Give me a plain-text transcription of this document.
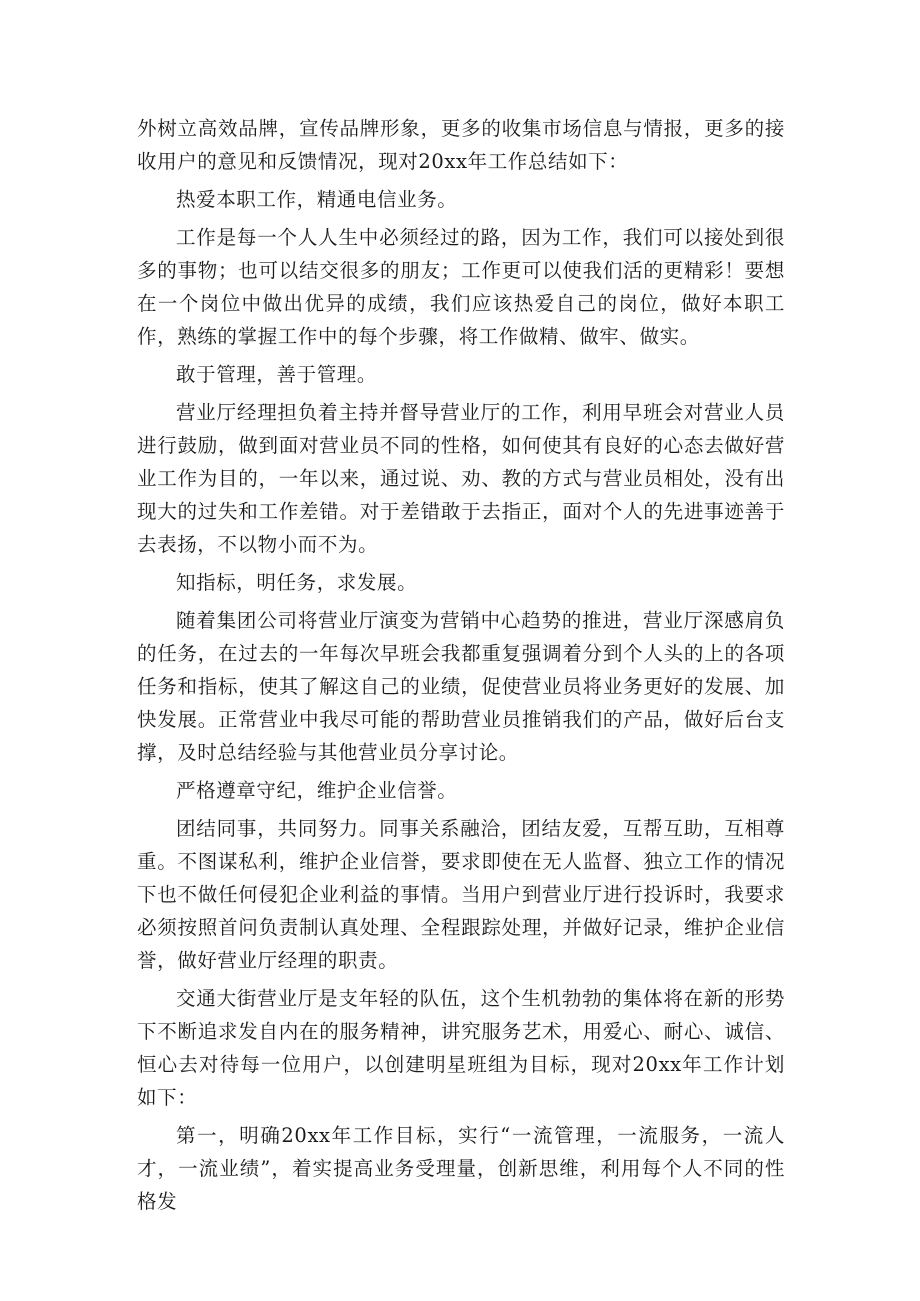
外树立高效品牌，宣传品牌形象，更多的收集市场信息与情报，更多的接收用户的意见和反馈情况，现对20xx年工作总结如下：

热爱本职工作，精通电信业务。

工作是每一个人人生中必须经过的路，因为工作，我们可以接处到很多的事物；也可以结交很多的朋友；工作更可以使我们活的更精彩！要想在一个岗位中做出优异的成绩，我们应该热爱自己的岗位，做好本职工作，熟练的掌握工作中的每个步骤，将工作做精、做牢、做实。

敢于管理，善于管理。

营业厅经理担负着主持并督导营业厅的工作，利用早班会对营业人员进行鼓励，做到面对营业员不同的性格，如何使其有良好的心态去做好营业工作为目的，一年以来，通过说、劝、教的方式与营业员相处，没有出现大的过失和工作差错。对于差错敢于去指正，面对个人的先进事迹善于去表扬，不以物小而不为。

知指标，明任务，求发展。

随着集团公司将营业厅演变为营销中心趋势的推进，营业厅深感肩负的任务，在过去的一年每次早班会我都重复强调着分到个人头的上的各项任务和指标，使其了解这自己的业绩，促使营业员将业务更好的发展、加快发展。正常营业中我尽可能的帮助营业员推销我们的产品，做好后台支撑，及时总结经验与其他营业员分享讨论。

严格遵章守纪，维护企业信誉。

团结同事，共同努力。同事关系融洽，团结友爱，互帮互助，互相尊重。不图谋私利，维护企业信誉，要求即使在无人监督、独立工作的情况下也不做任何侵犯企业利益的事情。当用户到营业厅进行投诉时，我要求必须按照首问负责制认真处理、全程跟踪处理，并做好记录，维护企业信誉，做好营业厅经理的职责。

交通大街营业厅是支年轻的队伍，这个生机勃勃的集体将在新的形势下不断追求发自内在的服务精神，讲究服务艺术，用爱心、耐心、诚信、恒心去对待每一位用户，以创建明星班组为目标，现对20xx年工作计划如下：

第一，明确20xx年工作目标，实行“一流管理，一流服务，一流人才，一流业绩”，着实提高业务受理量，创新思维，利用每个人不同的性格发
